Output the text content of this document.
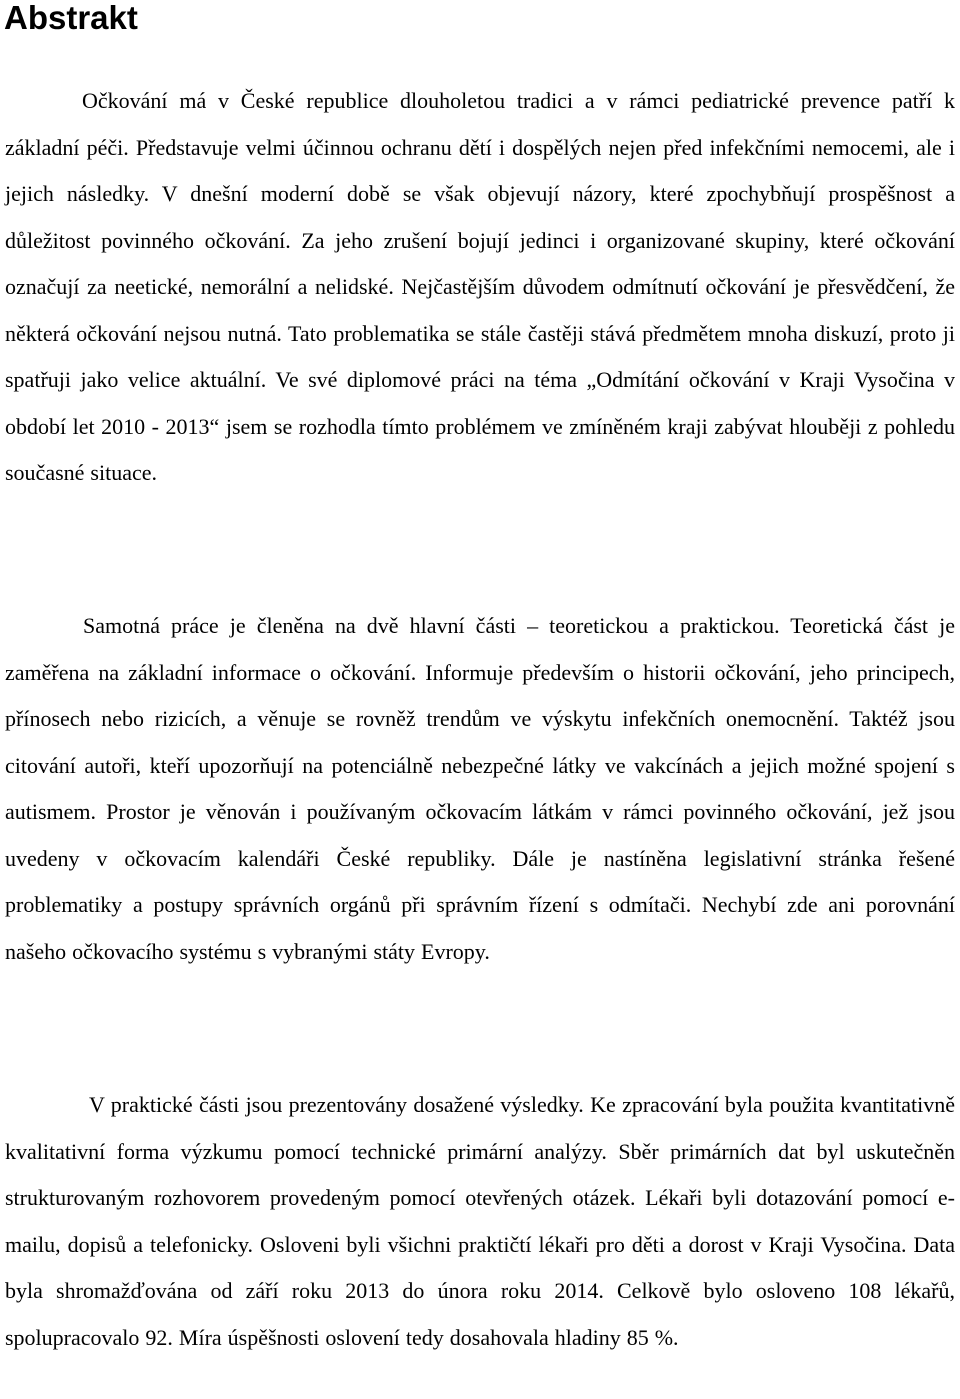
Abstrakt

Očkování má v České republice dlouholetou tradici a v rámci pediatrické prevence patří k základní péči. Představuje velmi účinnou ochranu dětí i dospělých nejen před infekčními nemocemi, ale i jejich následky. V dnešní moderní době se však objevují názory, které zpochybňují prospěšnost a důležitost povinného očkování. Za jeho zrušení bojují jedinci i organizované skupiny, které očkování označují za neetické, nemorální a nelidské. Nejčastějším důvodem odmítnutí očkování je přesvědčení, že některá očkování nejsou nutná. Tato problematika se stále častěji stává předmětem mnoha diskuzí, proto ji spatřuji jako velice aktuální. Ve své diplomové práci na téma „Odmítání očkování v Kraji Vysočina v období let 2010 - 2013“ jsem se rozhodla tímto problémem ve zmíněném kraji zabývat hlouběji z pohledu současné situace.

Samotná práce je členěna na dvě hlavní části – teoretickou a praktickou. Teoretická část je zaměřena na základní informace o očkování. Informuje především o historii očkování, jeho principech, přínosech nebo rizicích, a věnuje se rovněž trendům ve výskytu infekčních onemocnění. Taktéž jsou citování autoři, kteří upozorňují na potenciálně nebezpečné látky ve vakcínách a jejich možné spojení s autismem. Prostor je věnován i používaným očkovacím látkám v rámci povinného očkování, jež jsou uvedeny v očkovacím kalendáři České republiky. Dále je nastíněna legislativní stránka řešené problematiky a postupy správních orgánů při správním řízení s odmítači. Nechybí zde ani porovnání našeho očkovacího systému s vybranými státy Evropy.

V praktické části jsou prezentovány dosažené výsledky. Ke zpracování byla použita kvantitativně kvalitativní forma výzkumu pomocí technické primární analýzy. Sběr primárních dat byl uskutečněn strukturovaným rozhovorem provedeným pomocí otevřených otázek. Lékaři byli dotazování pomocí e-mailu, dopisů a telefonicky. Osloveni byli všichni praktičtí lékaři pro děti a dorost v Kraji Vysočina. Data byla shromažďována od září roku 2013 do února roku 2014. Celkově bylo osloveno 108 lékařů, spolupracovalo 92. Míra úspěšnosti oslovení tedy dosahovala hladiny 85 %.
